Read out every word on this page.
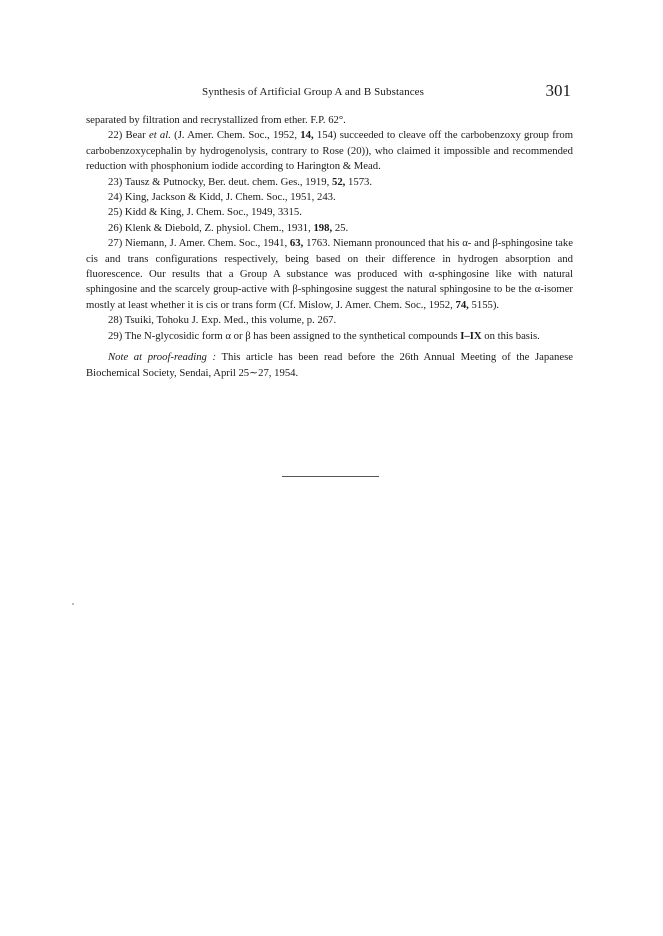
Synthesis of Artificial Group A and B Substances	301

separated by filtration and recrystallized from ether. F.P. 62°.

22) Bear et al. (J. Amer. Chem. Soc., 1952, 14, 154) succeeded to cleave off the carbobenzoxy group from carbobenzoxycephalin by hydrogenolysis, contrary to Rose (20)), who claimed it impossible and recommended reduction with phosphonium iodide according to Harington & Mead.

23) Tausz & Putnocky, Ber. deut. chem. Ges., 1919, 52, 1573.

24) King, Jackson & Kidd, J. Chem. Soc., 1951, 243.

25) Kidd & King, J. Chem. Soc., 1949, 3315.

26) Klenk & Diebold, Z. physiol. Chem., 1931, 198, 25.

27) Niemann, J. Amer. Chem. Soc., 1941, 63, 1763. Niemann pronounced that his α- and β-sphingosine take cis and trans configurations respectively, being based on their difference in hydrogen absorption and fluorescence. Our results that a Group A substance was produced with α-sphingosine like with natural sphingosine and the scarcely group-active with β-sphingosine suggest the natural sphingosine to be the α-isomer mostly at least whether it is cis or trans form (Cf. Mislow, J. Amer. Chem. Soc., 1952, 74, 5155).

28) Tsuiki, Tohoku J. Exp. Med., this volume, p. 267.

29) The N-glycosidic form α or β has been assigned to the synthetical compounds I–IX on this basis.

Note at proof-reading : This article has been read before the 26th Annual Meeting of the Japanese Biochemical Society, Sendai, April 25∼27, 1954.
